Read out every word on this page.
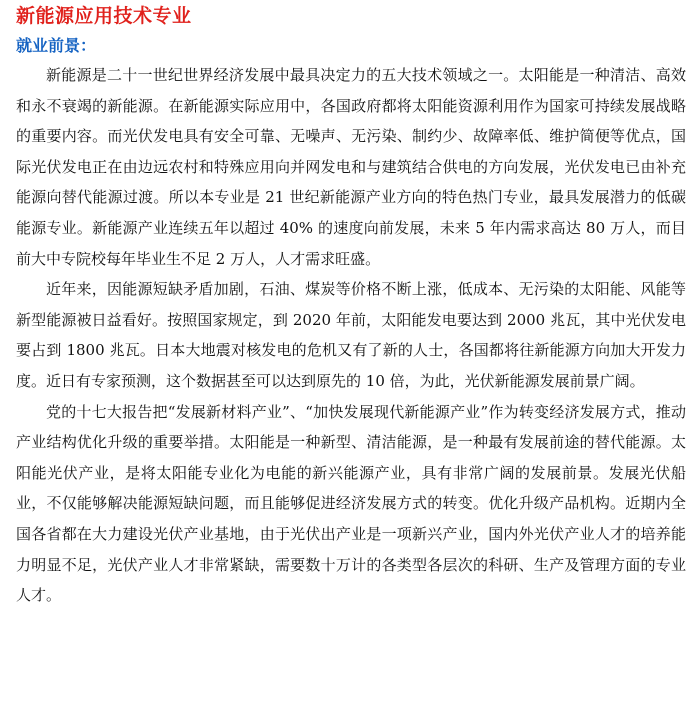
新能源应用技术专业
就业前景：

新能源是二十一世纪世界经济发展中最具决定力的五大技术领域之一。太阳能是一种清洁、高效和永不衰竭的新能源。在新能源实际应用中，各国政府都将太阳能资源利用作为国家可持续发展战略的重要内容。而光伏发电具有安全可靠、无噪声、无污染、制约少、故障率低、维护简便等优点，国际光伏发电正在由边远农村和特殊应用向并网发电和与建筑结合供电的方向发展，光伏发电已由补充能源向替代能源过渡。所以本专业是 21 世纪新能源产业方向的特色热门专业，最具发展潜力的低碳能源专业。新能源产业连续五年以超过 40% 的速度向前发展，未来 5 年内需求高达 80 万人，而目前大中专院校每年毕业生不足 2 万人，人才需求旺盛。

近年来，因能源短缺矛盾加剧，石油、煤炭等价格不断上涨，低成本、无污染的太阳能、风能等新型能源被日益看好。按照国家规定，到 2020 年前，太阳能发电要达到 2000 兆瓦，其中光伏发电要占到 1800 兆瓦。日本大地震对核发电的危机又有了新的人士，各国都将往新能源方向加大开发力度。近日有专家预测，这个数据甚至可以达到原先的 10 倍，为此，光伏新能源发展前景广阔。

党的十七大报告把“发展新材料产业”、“加快发展现代新能源产业”作为转变经济发展方式，推动产业结构优化升级的重要举措。太阳能是一种新型、清洁能源，是一种最有发展前途的替代能源。太阳能光伏产业，是将太阳能专业化为电能的新兴能源产业，具有非常广阔的发展前景。发展光伏船业，不仅能够解决能源短缺问题，而且能够促进经济发展方式的转变。优化升级产品机构。近期内全国各省都在大力建设光伏产业基地，由于光伏出产业是一项新兴产业，国内外光伏产业人才的培养能力明显不足，光伏产业人才非常紧缺，需要数十万计的各类型各层次的科研、生产及管理方面的专业人才。
